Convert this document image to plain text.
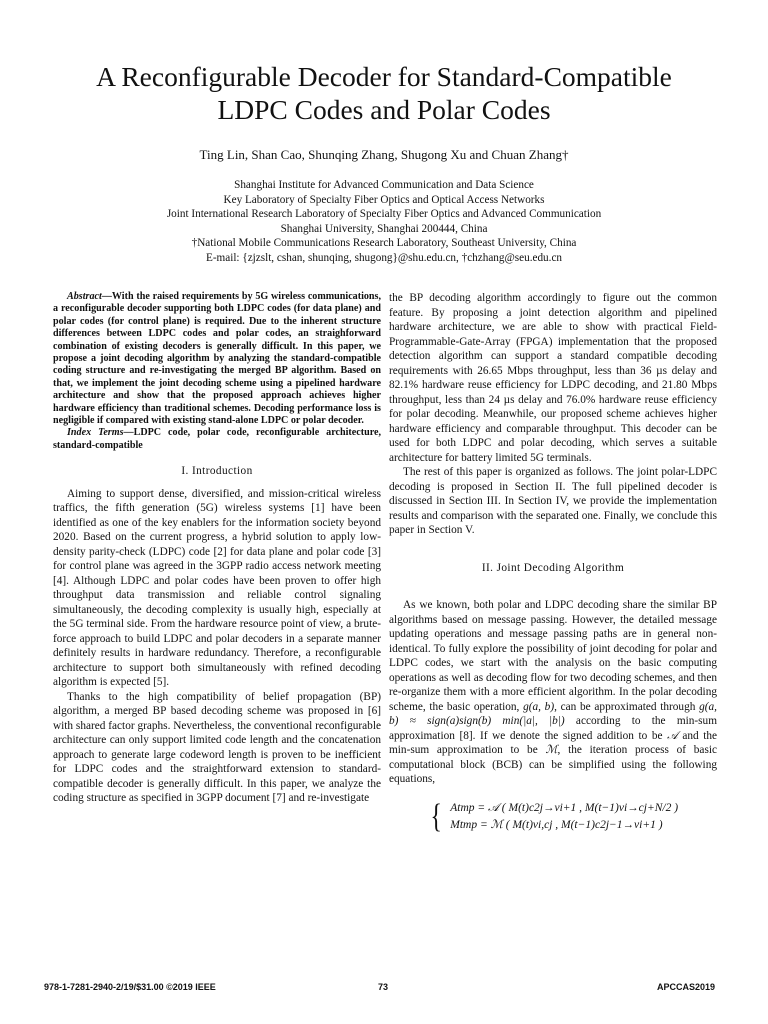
A Reconfigurable Decoder for Standard-Compatible
LDPC Codes and Polar Codes
Ting Lin, Shan Cao, Shunqing Zhang, Shugong Xu and Chuan Zhang†
Shanghai Institute for Advanced Communication and Data Science
Key Laboratory of Specialty Fiber Optics and Optical Access Networks
Joint International Research Laboratory of Specialty Fiber Optics and Advanced Communication
Shanghai University, Shanghai 200444, China
†National Mobile Communications Research Laboratory, Southeast University, China
E-mail: {zjzslt, cshan, shunqing, shugong}@shu.edu.cn, †chzhang@seu.edu.cn

Abstract—With the raised requirements by 5G wireless communications, a reconfigurable decoder supporting both LDPC codes (for data plane) and polar codes (for control plane) is required. Due to the inherent structure differences between LDPC codes and polar codes, an straighforward combination of existing decoders is generally difficult. In this paper, we propose a joint decoding algorithm by analyzing the standard-compatible coding structure and re-investigating the merged BP algorithm. Based on that, we implement the joint decoding scheme using a pipelined hardware architecture and show that the proposed approach achieves higher hardware efficiency than traditional schemes. Decoding performance loss is negligible if compared with existing stand-alone LDPC or polar decoder.

Index Terms—LDPC code, polar code, reconfigurable architecture, standard-compatible

I. Introduction

Aiming to support dense, diversified, and mission-critical wireless traffics, the fifth generation (5G) wireless systems [1] have been identified as one of the key enablers for the information society beyond 2020. Based on the current progress, a hybrid solution to apply low-density parity-check (LDPC) code [2] for data plane and polar code [3] for control plane was agreed in the 3GPP radio access network meeting [4]. Although LDPC and polar codes have been proven to offer high throughput data transmission and reliable control signaling simultaneously, the decoding complexity is usually high, especially at the 5G terminal side. From the hardware resource point of view, a brute-force approach to build LDPC and polar decoders in a separate manner definitely results in hardware redundancy. Therefore, a reconfigurable architecture to support both simultaneously with refined decoding algorithm is expected [5].

Thanks to the high compatibility of belief propagation (BP) algorithm, a merged BP based decoding scheme was proposed in [6] with shared factor graphs. Nevertheless, the conventional reconfigurable architecture can only support limited code length and the concatenation approach to generate large codeword length is proven to be inefficient for LDPC codes and the straightforward extension to standard-compatible decoder is generally difficult. In this paper, we analyze the coding structure as specified in 3GPP document [7] and re-investigate

the BP decoding algorithm accordingly to figure out the common feature. By proposing a joint detection algorithm and pipelined hardware architecture, we are able to show with practical Field-Programmable-Gate-Array (FPGA) implementation that the proposed detection algorithm can support a standard compatible decoding requirements with 26.65 Mbps throughput, less than 36 µs delay and 82.1% hardware reuse efficiency for LDPC decoding, and 21.80 Mbps throughput, less than 24 µs delay and 76.0% hardware reuse efficiency for polar decoding. Meanwhile, our proposed scheme achieves higher hardware efficiency and comparable throughput. This decoder can be used for both LDPC and polar decoding, which serves a suitable architecture for battery limited 5G terminals.

The rest of this paper is organized as follows. The joint polar-LDPC decoding is proposed in Section II. The full pipelined decoder is discussed in Section III. In Section IV, we provide the implementation results and comparison with the separated one. Finally, we conclude this paper in Section V.

II. Joint Decoding Algorithm

As we known, both polar and LDPC decoding share the similar BP algorithms based on message passing. However, the detailed message updating operations and message passing paths are in general non-identical. To fully explore the possibility of joint decoding for polar and LDPC codes, we start with the analysis on the basic computing operations as well as decoding flow for two decoding schemes, and then re-organize them with a more efficient algorithm. In the polar decoding scheme, the basic operation, g(a, b), can be approximated through g(a, b) ≈ sign(a)sign(b) min(|a|, |b|) according to the min-sum approximation [8]. If we denote the signed addition to be 𝒜 and the min-sum approximation to be ℳ, the iteration process of basic computational block (BCB) can be simplified using the following equations,

{ Atmp = 𝒜 ( M(t)c2j→vi+1 , M(t−1)vi→cj+N/2 )
Mtmp = ℳ ( M(t)vi,cj , M(t−1)c2j−1→vi+1 )
978-1-7281-2940-2/19/$31.00 ©2019 IEEE	73	APCCAS2019
